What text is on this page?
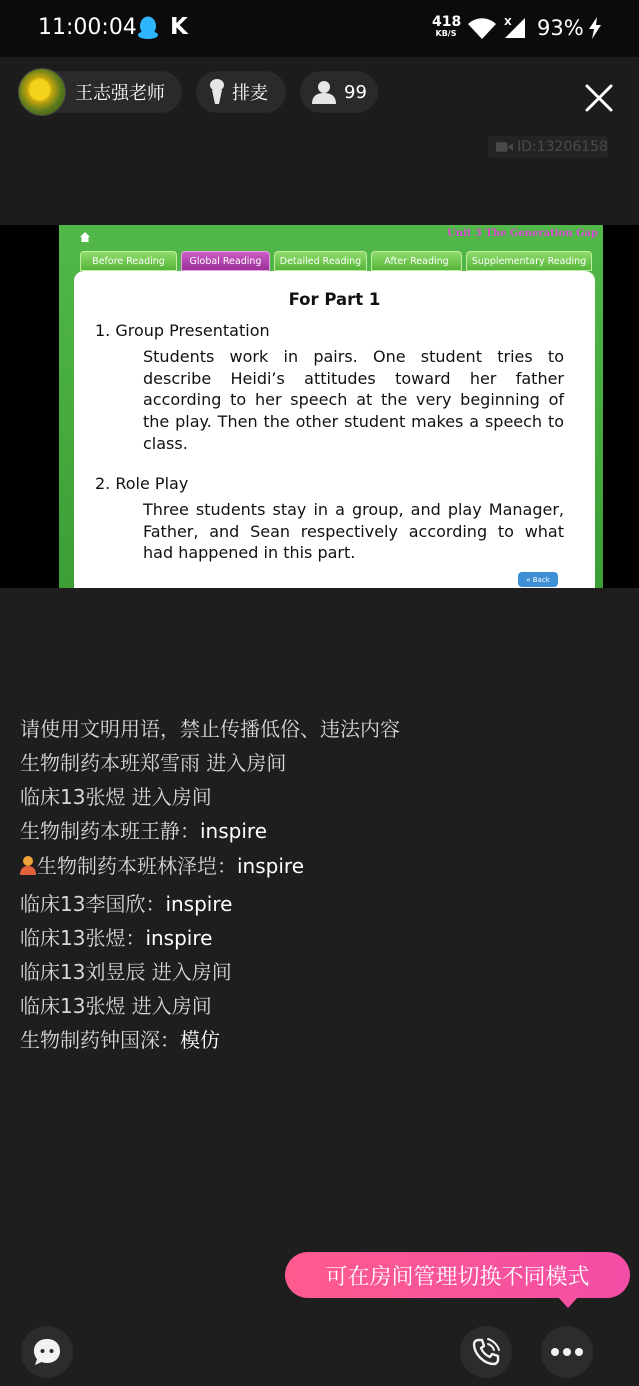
11:00:04 K	418
KB/S
X 93%
王志强老师	排麦	99
ID:13206158
Unit 3 The Generation Gap
Before Reading	Global Reading	Detailed Reading	After Reading	Supplementary Reading
For Part 1
1. Group Presentation
Students work in pairs. One student tries to
describe Heidi’s attitudes toward her father
according to her speech at the very beginning of
the play. Then the other student makes a speech to
class.
2. Role Play
Three students stay in a group, and play Manager,
Father, and Sean respectively according to what
had happened in this part.
« Back
请使用文明用语，禁止传播低俗、违法内容
生物制药本班郑雪雨 进入房间
临床13张煜 进入房间
生物制药本班王静：inspire
生物制药本班林泽垲：inspire
临床13李国欣：inspire
临床13张煜：inspire
临床13刘昱辰 进入房间
临床13张煜 进入房间
生物制药钟国深：模仿
可在房间管理切换不同模式
